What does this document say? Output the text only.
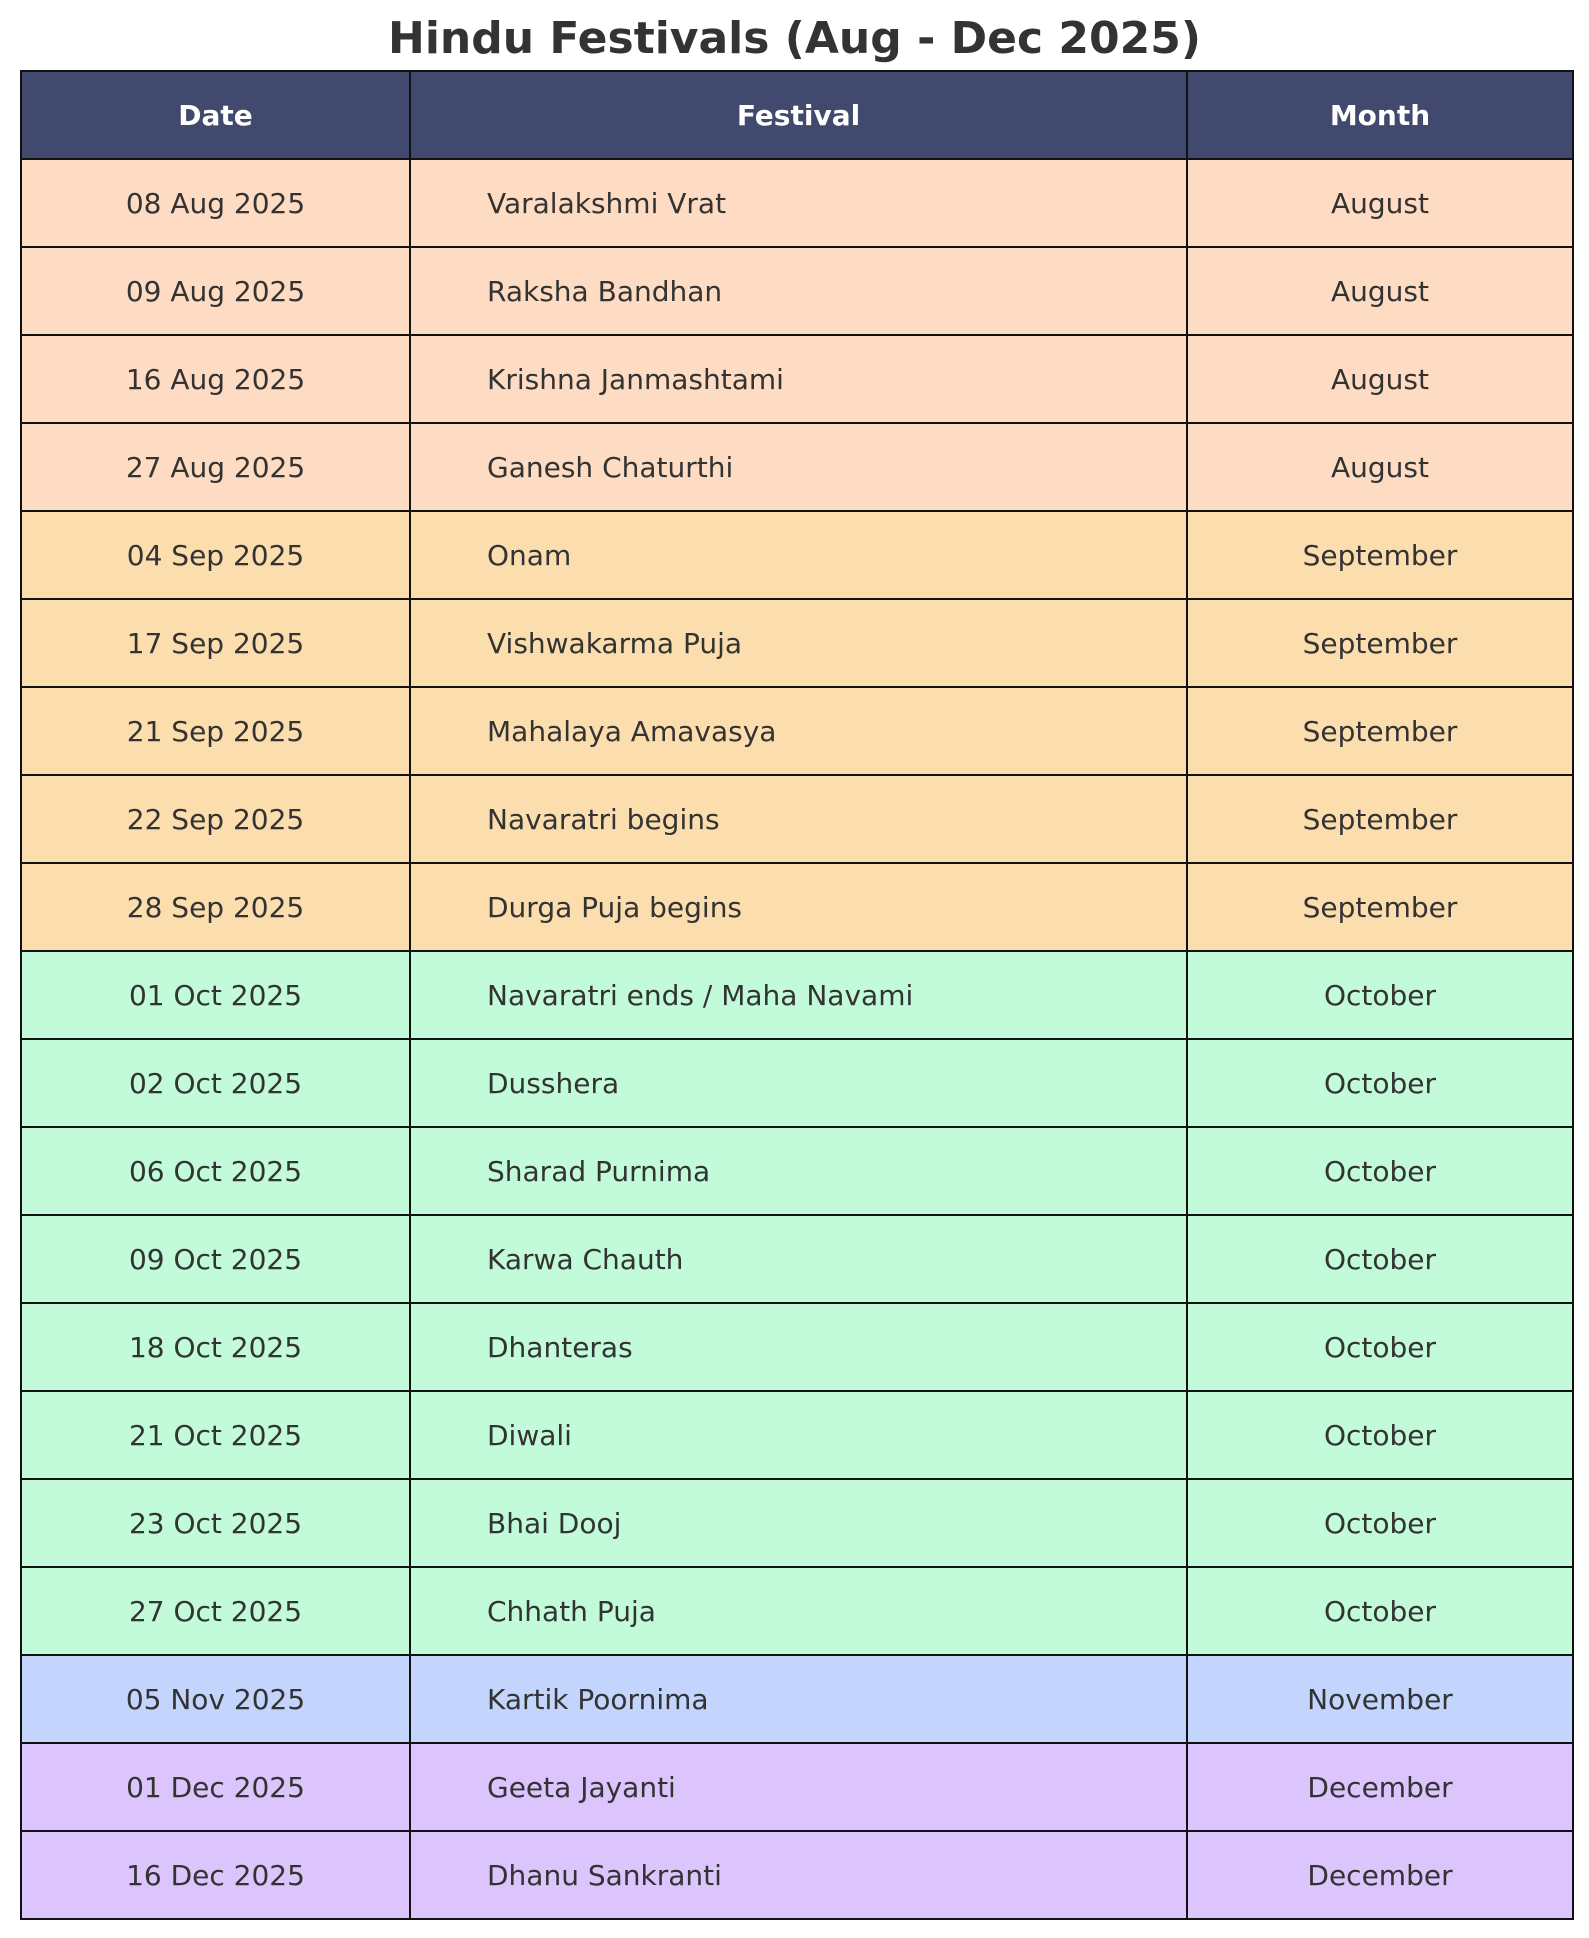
Hindu Festivals (Aug - Dec 2025)
Date	Festival	Month
08 Aug 2025	Varalakshmi Vrat	August
09 Aug 2025	Raksha Bandhan	August
16 Aug 2025	Krishna Janmashtami	August
27 Aug 2025	Ganesh Chaturthi	August
04 Sep 2025	Onam	September
17 Sep 2025	Vishwakarma Puja	September
21 Sep 2025	Mahalaya Amavasya	September
22 Sep 2025	Navaratri begins	September
28 Sep 2025	Durga Puja begins	September
01 Oct 2025	Navaratri ends / Maha Navami	October
02 Oct 2025	Dusshera	October
06 Oct 2025	Sharad Purnima	October
09 Oct 2025	Karwa Chauth	October
18 Oct 2025	Dhanteras	October
21 Oct 2025	Diwali	October
23 Oct 2025	Bhai Dooj	October
27 Oct 2025	Chhath Puja	October
05 Nov 2025	Kartik Poornima	November
01 Dec 2025	Geeta Jayanti	December
16 Dec 2025	Dhanu Sankranti	December
